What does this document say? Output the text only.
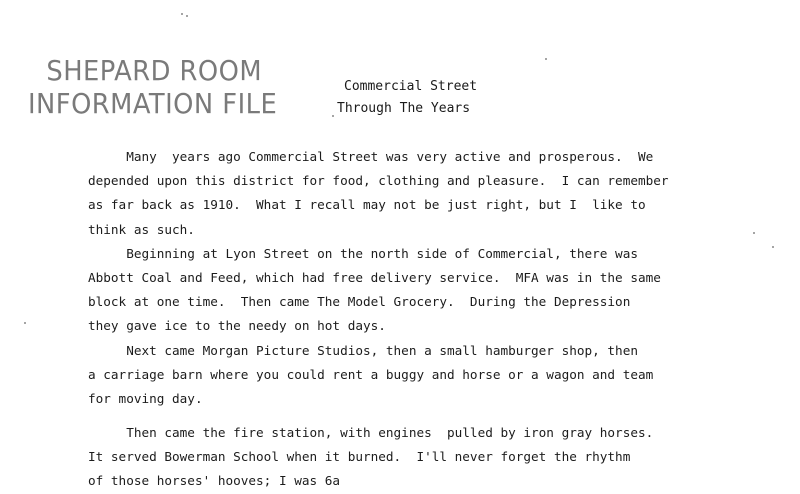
SHEPARD ROOM
INFORMATION FILE
Commercial Street
Through The Years
Many  years ago Commercial Street was very active and prosperous.  We
depended upon this district for food, clothing and pleasure.  I can remember
as far back as 1910.  What I recall may not be just right, but I  like to
think as such.
Beginning at Lyon Street on the north side of Commercial, there was
Abbott Coal and Feed, which had free delivery service.  MFA was in the same
block at one time.  Then came The Model Grocery.  During the Depression
they gave ice to the needy on hot days.
Next came Morgan Picture Studios, then a small hamburger shop, then
a carriage barn where you could rent a buggy and horse or a wagon and team
for moving day.
Then came the fire station, with engines  pulled by iron gray horses.
It served Bowerman School when it burned.  I'll never forget the rhythm
of those horses' hooves; I was 6a
